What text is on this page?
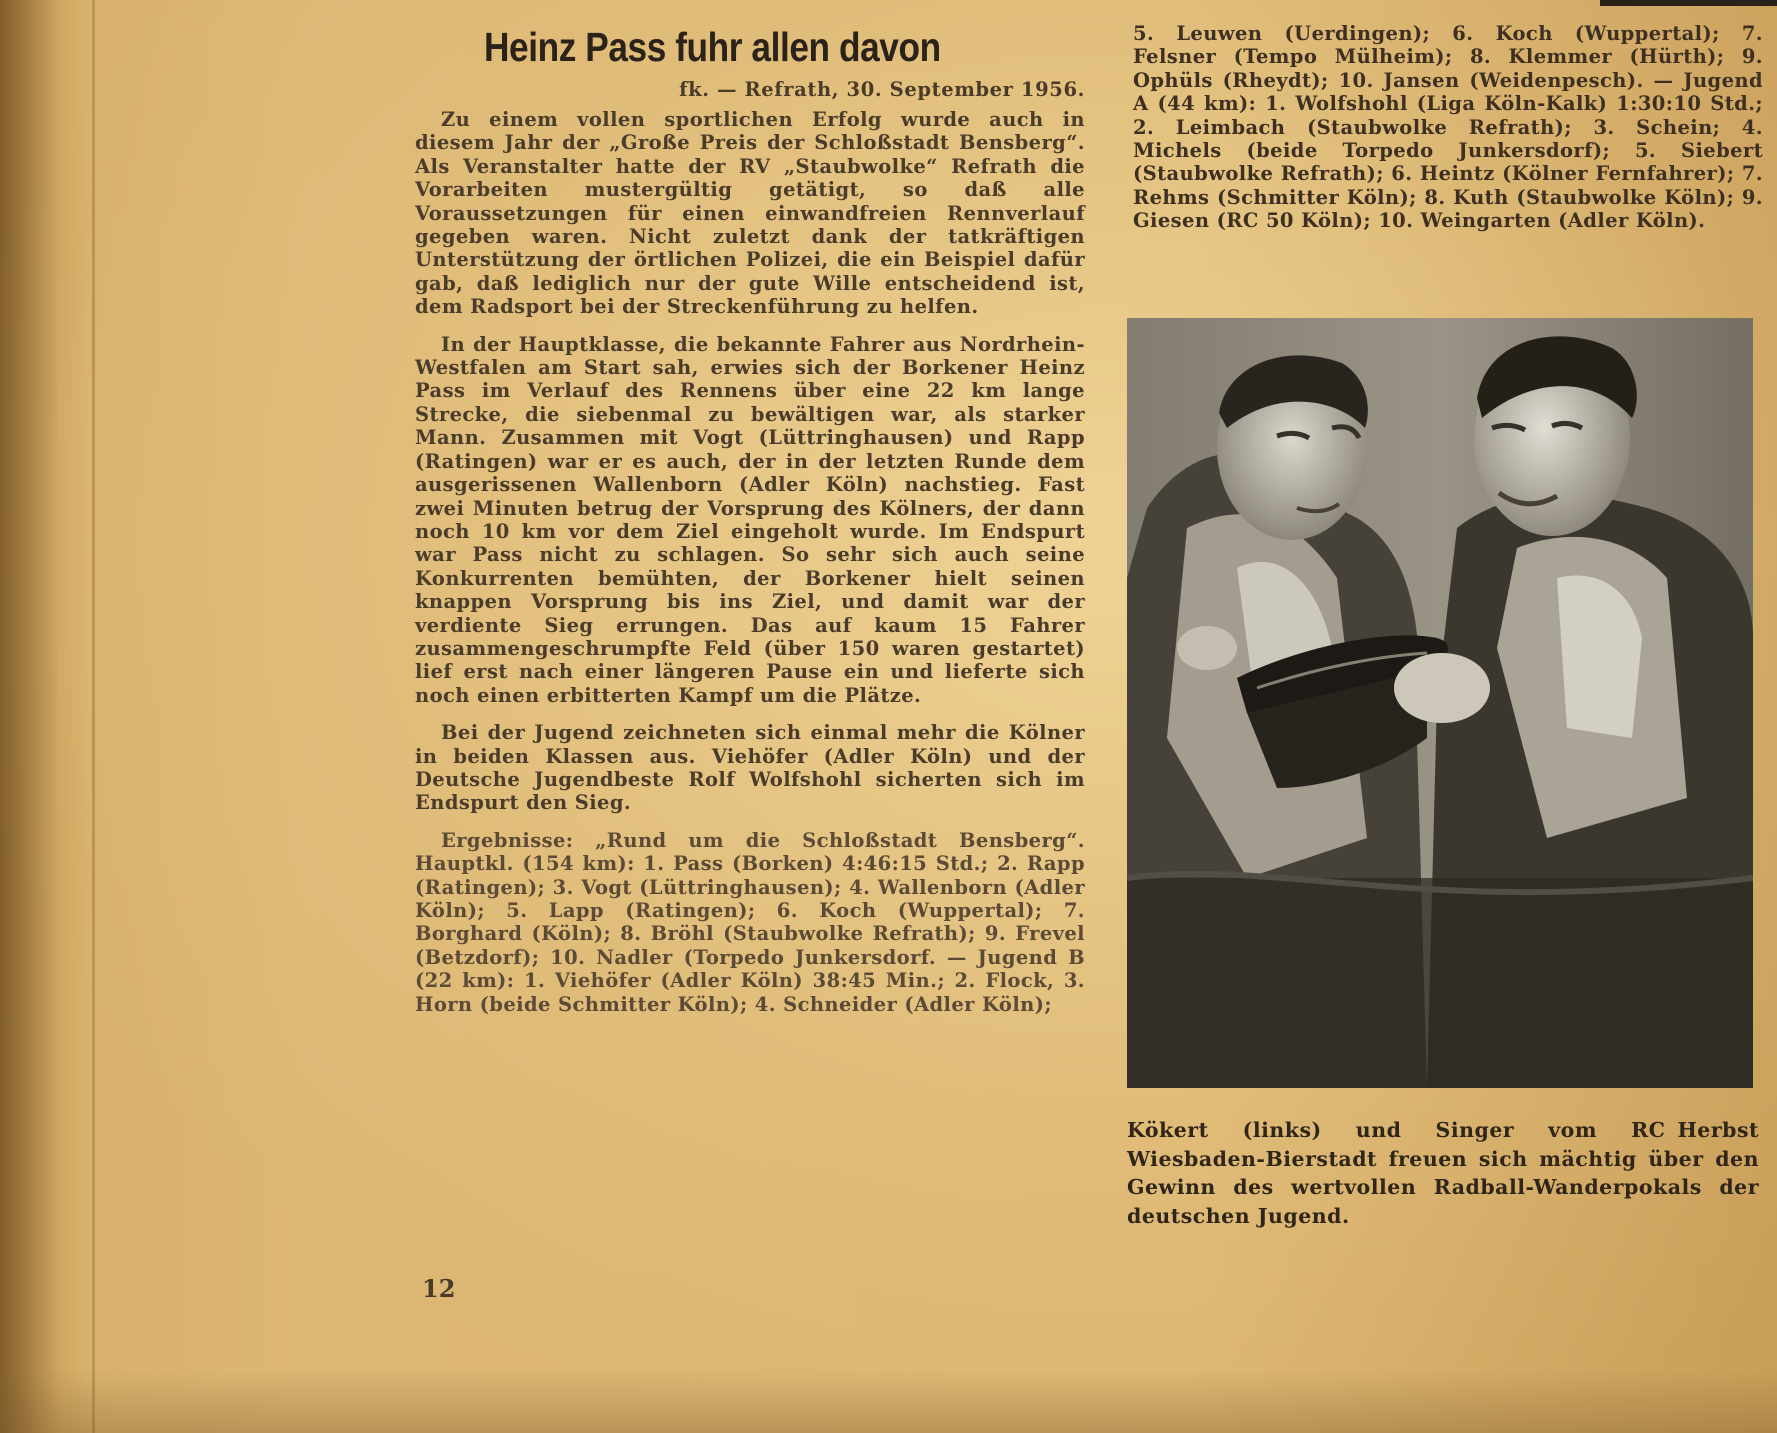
Heinz Pass fuhr allen davon
fk. — Refrath, 30. September 1956.

Zu einem vollen sportlichen Erfolg wurde auch in diesem Jahr der „Große Preis der Schloßstadt Bensberg“. Als Veranstalter hatte der RV „Staubwolke“ Refrath die Vorarbeiten mustergültig getätigt, so daß alle Voraussetzungen für einen einwandfreien Rennverlauf gegeben waren. Nicht zuletzt dank der tatkräftigen Unterstützung der örtlichen Polizei, die ein Beispiel dafür gab, daß lediglich nur der gute Wille entscheidend ist, dem Radsport bei der Streckenführung zu helfen.

In der Hauptklasse, die bekannte Fahrer aus Nordrhein-Westfalen am Start sah, erwies sich der Borkener Heinz Pass im Verlauf des Rennens über eine 22 km lange Strecke, die siebenmal zu bewältigen war, als starker Mann. Zusammen mit Vogt (Lüttringhausen) und Rapp (Ratingen) war er es auch, der in der letzten Runde dem ausgerissenen Wallenborn (Adler Köln) nachstieg. Fast zwei Minuten betrug der Vorsprung des Kölners, der dann noch 10 km vor dem Ziel eingeholt wurde. Im Endspurt war Pass nicht zu schlagen. So sehr sich auch seine Konkurrenten bemühten, der Borkener hielt seinen knappen Vorsprung bis ins Ziel, und damit war der verdiente Sieg errungen. Das auf kaum 15 Fahrer zusammengeschrumpfte Feld (über 150 waren gestartet) lief erst nach einer längeren Pause ein und lieferte sich noch einen erbitterten Kampf um die Plätze.

Bei der Jugend zeichneten sich einmal mehr die Kölner in beiden Klassen aus. Viehöfer (Adler Köln) und der Deutsche Jugendbeste Rolf Wolfshohl sicherten sich im Endspurt den Sieg.

Ergebnisse: „Rund um die Schloßstadt Bensberg“. Hauptkl. (154 km): 1. Pass (Borken) 4:46:15 Std.; 2. Rapp (Ratingen); 3. Vogt (Lüttringhausen); 4. Wallenborn (Adler Köln); 5. Lapp (Ratingen); 6. Koch (Wuppertal); 7. Borghard (Köln); 8. Bröhl (Staubwolke Refrath); 9. Frevel (Betzdorf); 10. Nadler (Torpedo Junkersdorf. — Jugend B (22 km): 1. Viehöfer (Adler Köln) 38:45 Min.; 2. Flock, 3. Horn (beide Schmitter Köln); 4. Schneider (Adler Köln);

12

5. Leuwen (Uerdingen); 6. Koch (Wuppertal); 7. Felsner (Tempo Mülheim); 8. Klemmer (Hürth); 9. Ophüls (Rheydt); 10. Jansen (Weidenpesch). — Jugend A (44 km): 1. Wolfshohl (Liga Köln-Kalk) 1:30:10 Std.; 2. Leimbach (Staubwolke Refrath); 3. Schein; 4. Michels (beide Torpedo Junkersdorf); 5. Siebert (Staubwolke Refrath); 6. Heintz (Kölner Fernfahrer); 7. Rehms (Schmitter Köln); 8. Kuth (Staubwolke Köln); 9. Giesen (RC 50 Köln); 10. Weingarten (Adler Köln).

Herbst
Kökert (links) und Singer vom RC Wiesbaden-Bierstadt freuen sich mächtig über den Gewinn des wertvollen Radball-Wanderpokals der deutschen Jugend.
